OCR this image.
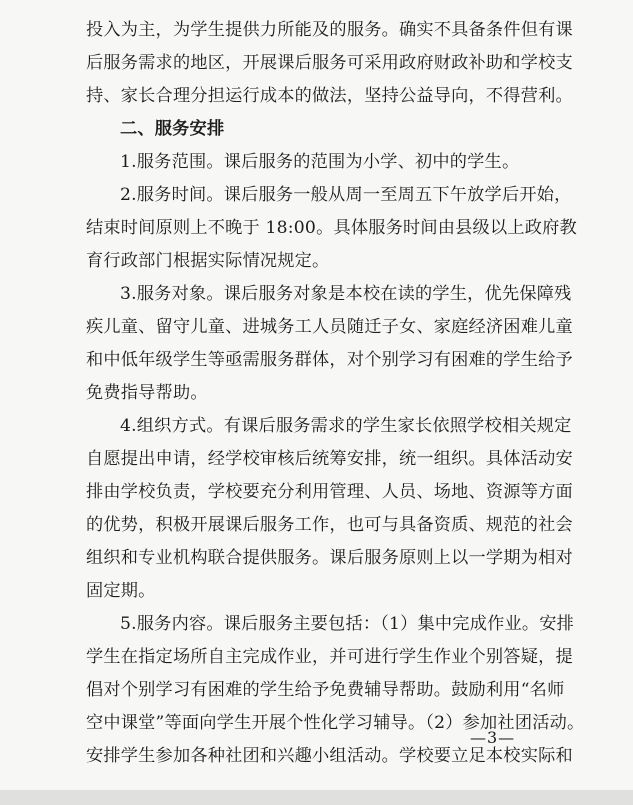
投入为主，为学生提供力所能及的服务。确实不具备条件但有课
后服务需求的地区，开展课后服务可采用政府财政补助和学校支
持、家长合理分担运行成本的做法，坚持公益导向，不得营利。
二、服务安排
1.服务范围。课后服务的范围为小学、初中的学生。
2.服务时间。课后服务一般从周一至周五下午放学后开始，
结束时间原则上不晚于 18:00。具体服务时间由县级以上政府教
育行政部门根据实际情况规定。
3.服务对象。课后服务对象是本校在读的学生，优先保障残
疾儿童、留守儿童、进城务工人员随迁子女、家庭经济困难儿童
和中低年级学生等亟需服务群体，对个别学习有困难的学生给予
免费指导帮助。
4.组织方式。有课后服务需求的学生家长依照学校相关规定
自愿提出申请，经学校审核后统筹安排，统一组织。具体活动安
排由学校负责，学校要充分利用管理、人员、场地、资源等方面
的优势，积极开展课后服务工作，也可与具备资质、规范的社会
组织和专业机构联合提供服务。课后服务原则上以一学期为相对
固定期。
5.服务内容。课后服务主要包括：（1）集中完成作业。安排
学生在指定场所自主完成作业，并可进行学生作业个别答疑，提
倡对个别学习有困难的学生给予免费辅导帮助。鼓励利用“名师
空中课堂”等面向学生开展个性化学习辅导。（2）参加社团活动。
安排学生参加各种社团和兴趣小组活动。学校要立足本校实际和
—3—
